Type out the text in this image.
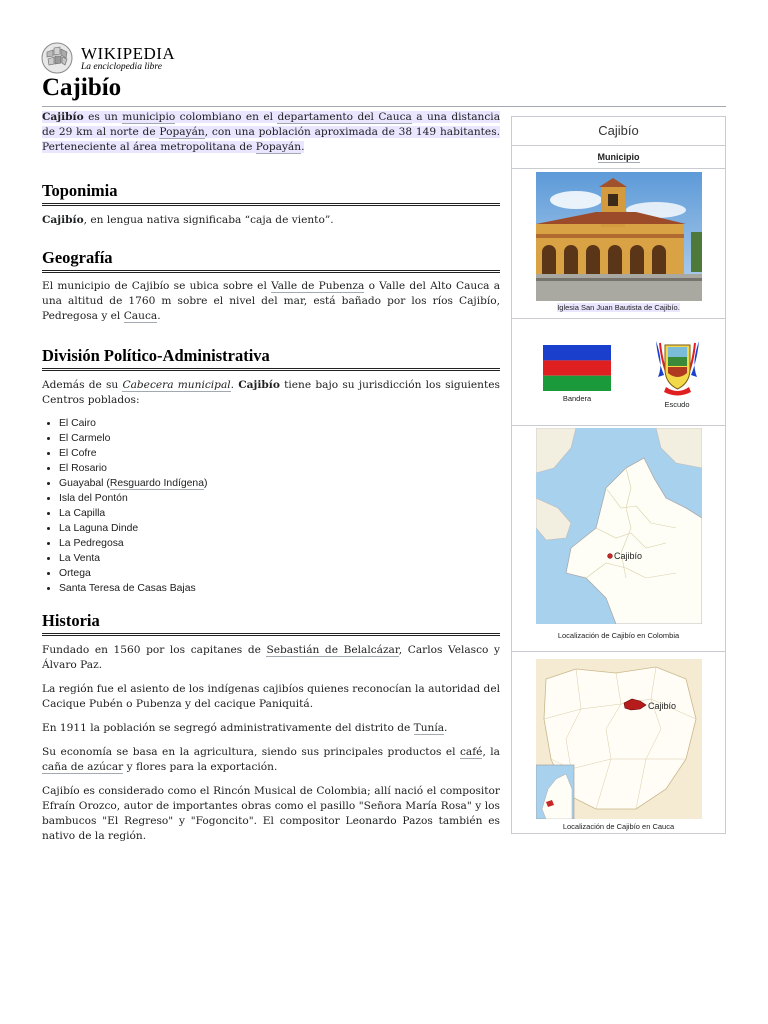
WIKIPEDIA
La enciclopedia libre
Cajibío

Cajibío es un municipio colombiano en el departamento del Cauca a una distancia de 29 km al norte de Popayán, con una población aproximada de 38 149 habitantes. Perteneciente al área metropolitana de Popayán.

Toponimia

Cajibío, en lengua nativa significaba “caja de viento”.

Geografía

El municipio de Cajibío se ubica sobre el Valle de Pubenza o Valle del Alto Cauca a una altitud de 1760 m sobre el nivel del mar, está bañado por los ríos Cajibío, Pedregosa y el Cauca.

División Político-Administrativa

Además de su Cabecera municipal. Cajibío tiene bajo su jurisdicción los siguientes Centros poblados:

• El Cairo
• El Carmelo
• El Cofre
• El Rosario
• Guayabal (Resguardo Indígena)
• Isla del Pontón
• La Capilla
• La Laguna Dinde
• La Pedregosa
• La Venta
• Ortega
• Santa Teresa de Casas Bajas
Historia

Fundado en 1560 por los capitanes de Sebastián de Belalcázar, Carlos Velasco y Álvaro Paz.

La región fue el asiento de los indígenas cajibíos quienes reconocían la autoridad del Cacique Pubén o Pubenza y del cacique Paniquitá.

En 1911 la población se segregó administrativamente del distrito de Tunía.

Su economía se basa en la agricultura, siendo sus principales productos el café, la caña de azúcar y flores para la exportación.

Cajibío es considerado como el Rincón Musical de Colombia; allí nació el compositor Efraín Orozco, autor de importantes obras como el pasillo "Señora María Rosa" y los bambucos "El Regreso" y "Fogoncito". El compositor Leonardo Pazos también es nativo de la región.

Cajibío
Municipio
Iglesia San Juan Bautista de Cajibío.
Bandera
Escudo
Cajibío
Localización de Cajibío en Colombia
Cajibío
Localización de Cajibío en Cauca
